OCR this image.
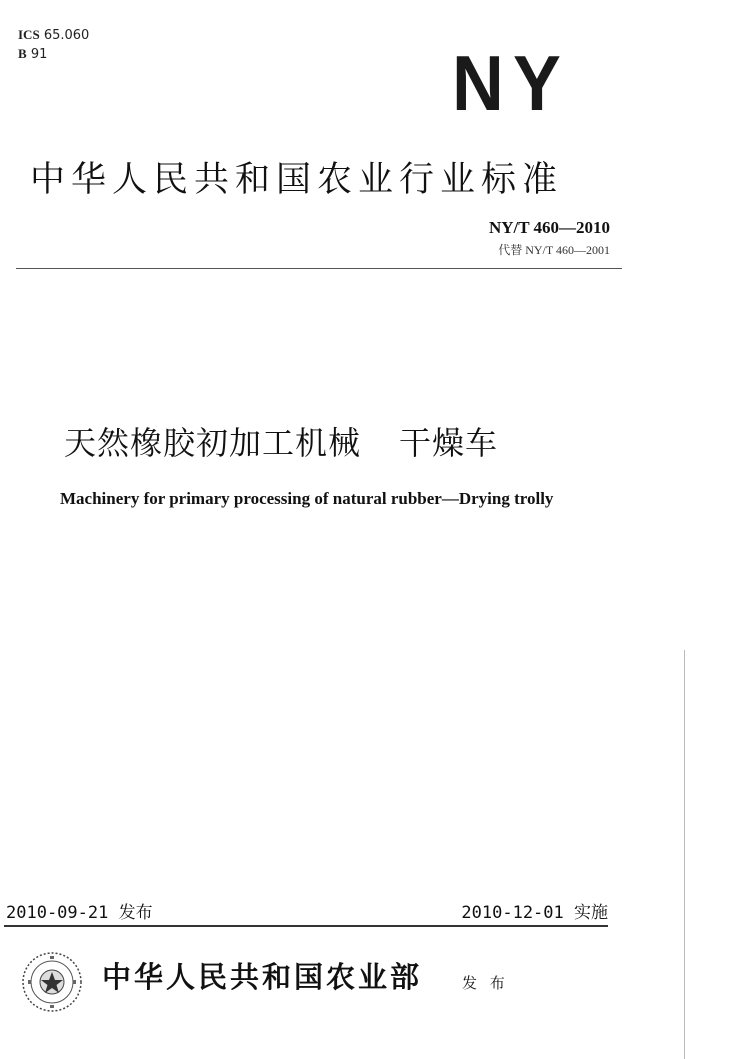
ICS 65.060
B 91	NY
中华人民共和国农业行业标准
NY/T 460—2010
代替 NY/T 460—2001
天然橡胶初加工机械 干燥车
Machinery for primary processing of natural rubber—Drying trolly
2010-09-21 发布	2010-12-01 实施
中华人民共和国农业部	发 布
